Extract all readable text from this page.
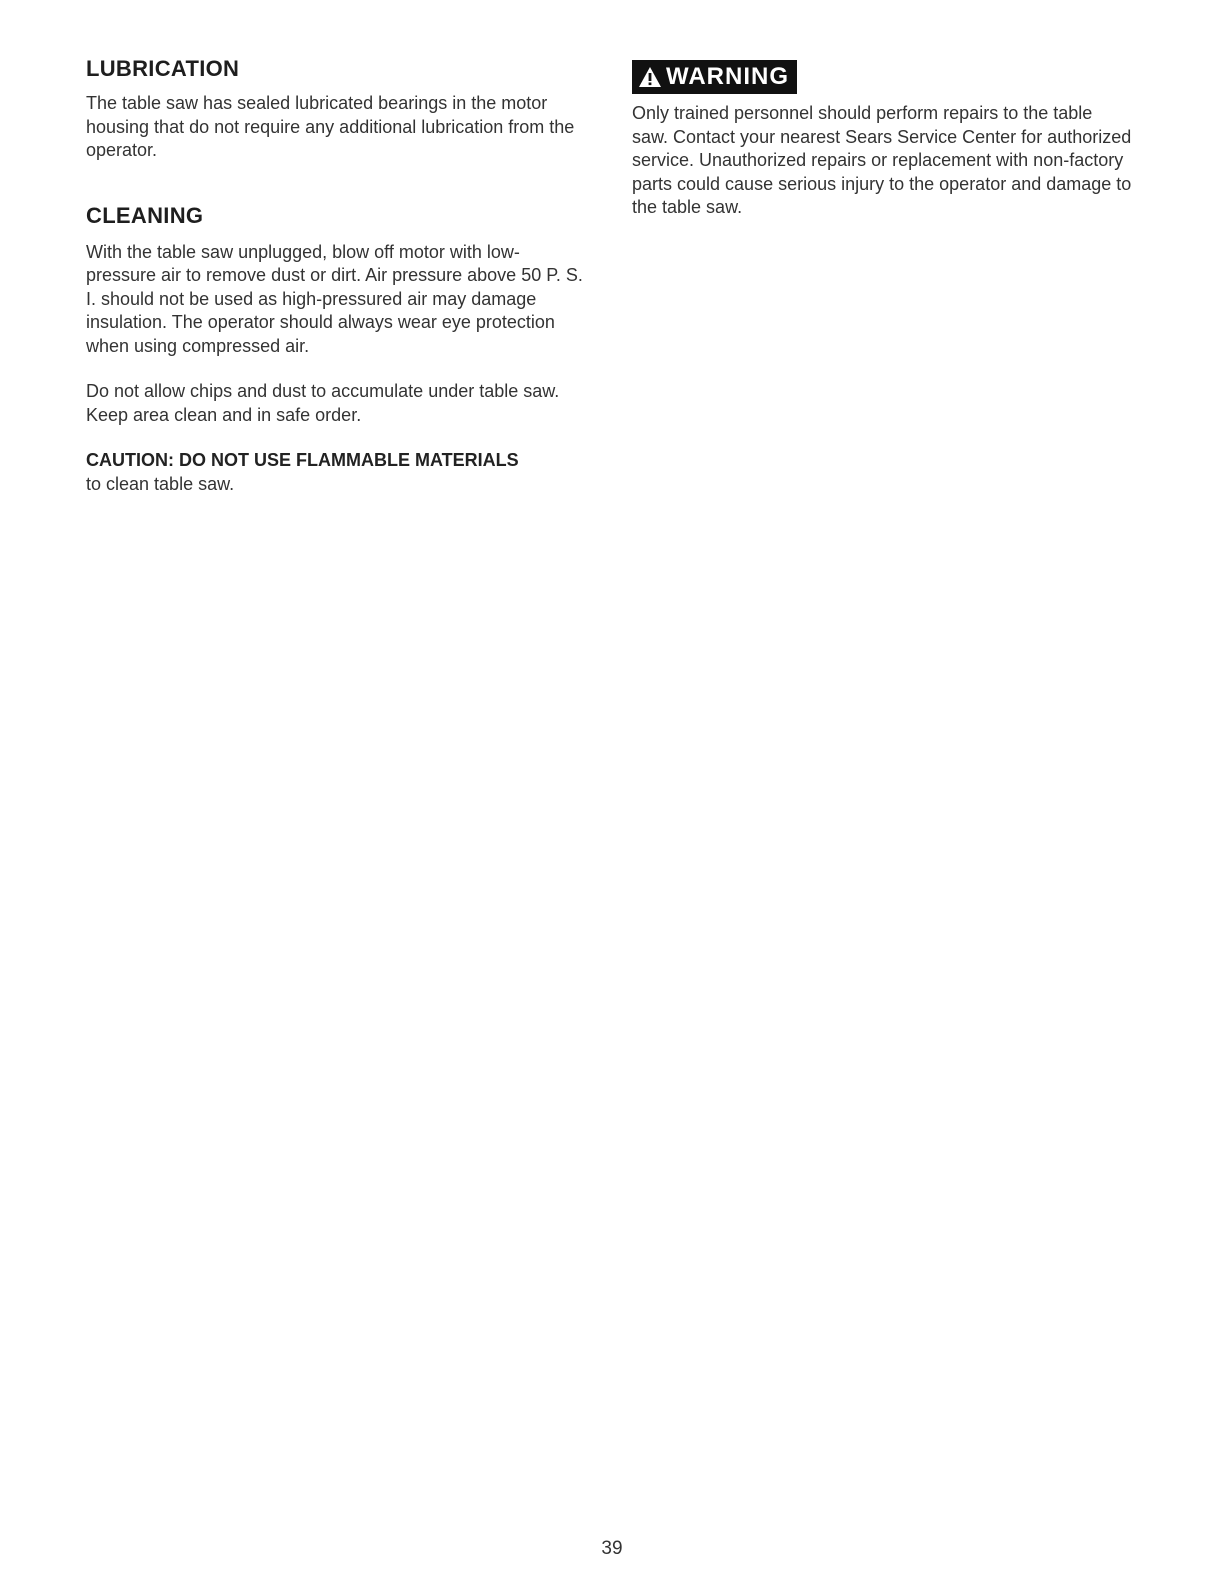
LUBRICATION

The table saw has sealed lubricated bearings in the motor housing that do not require any additional lubrication from the operator.

CLEANING

With the table saw unplugged, blow off motor with low-pressure air to remove dust or dirt. Air pressure above 50 P. S. I. should not be used as high-pressured air may damage insulation. The operator should always wear eye protection when using compressed air.

Do not allow chips and dust to accumulate under table saw. Keep area clean and in safe order.

CAUTION: DO NOT USE FLAMMABLE MATERIALS

to clean table saw.

WARNING

Only trained personnel should perform repairs to the table saw. Contact your nearest Sears Service Center for authorized service. Unauthorized repairs or replacement with non-factory parts could cause serious injury to the operator and damage to the table saw.

39
